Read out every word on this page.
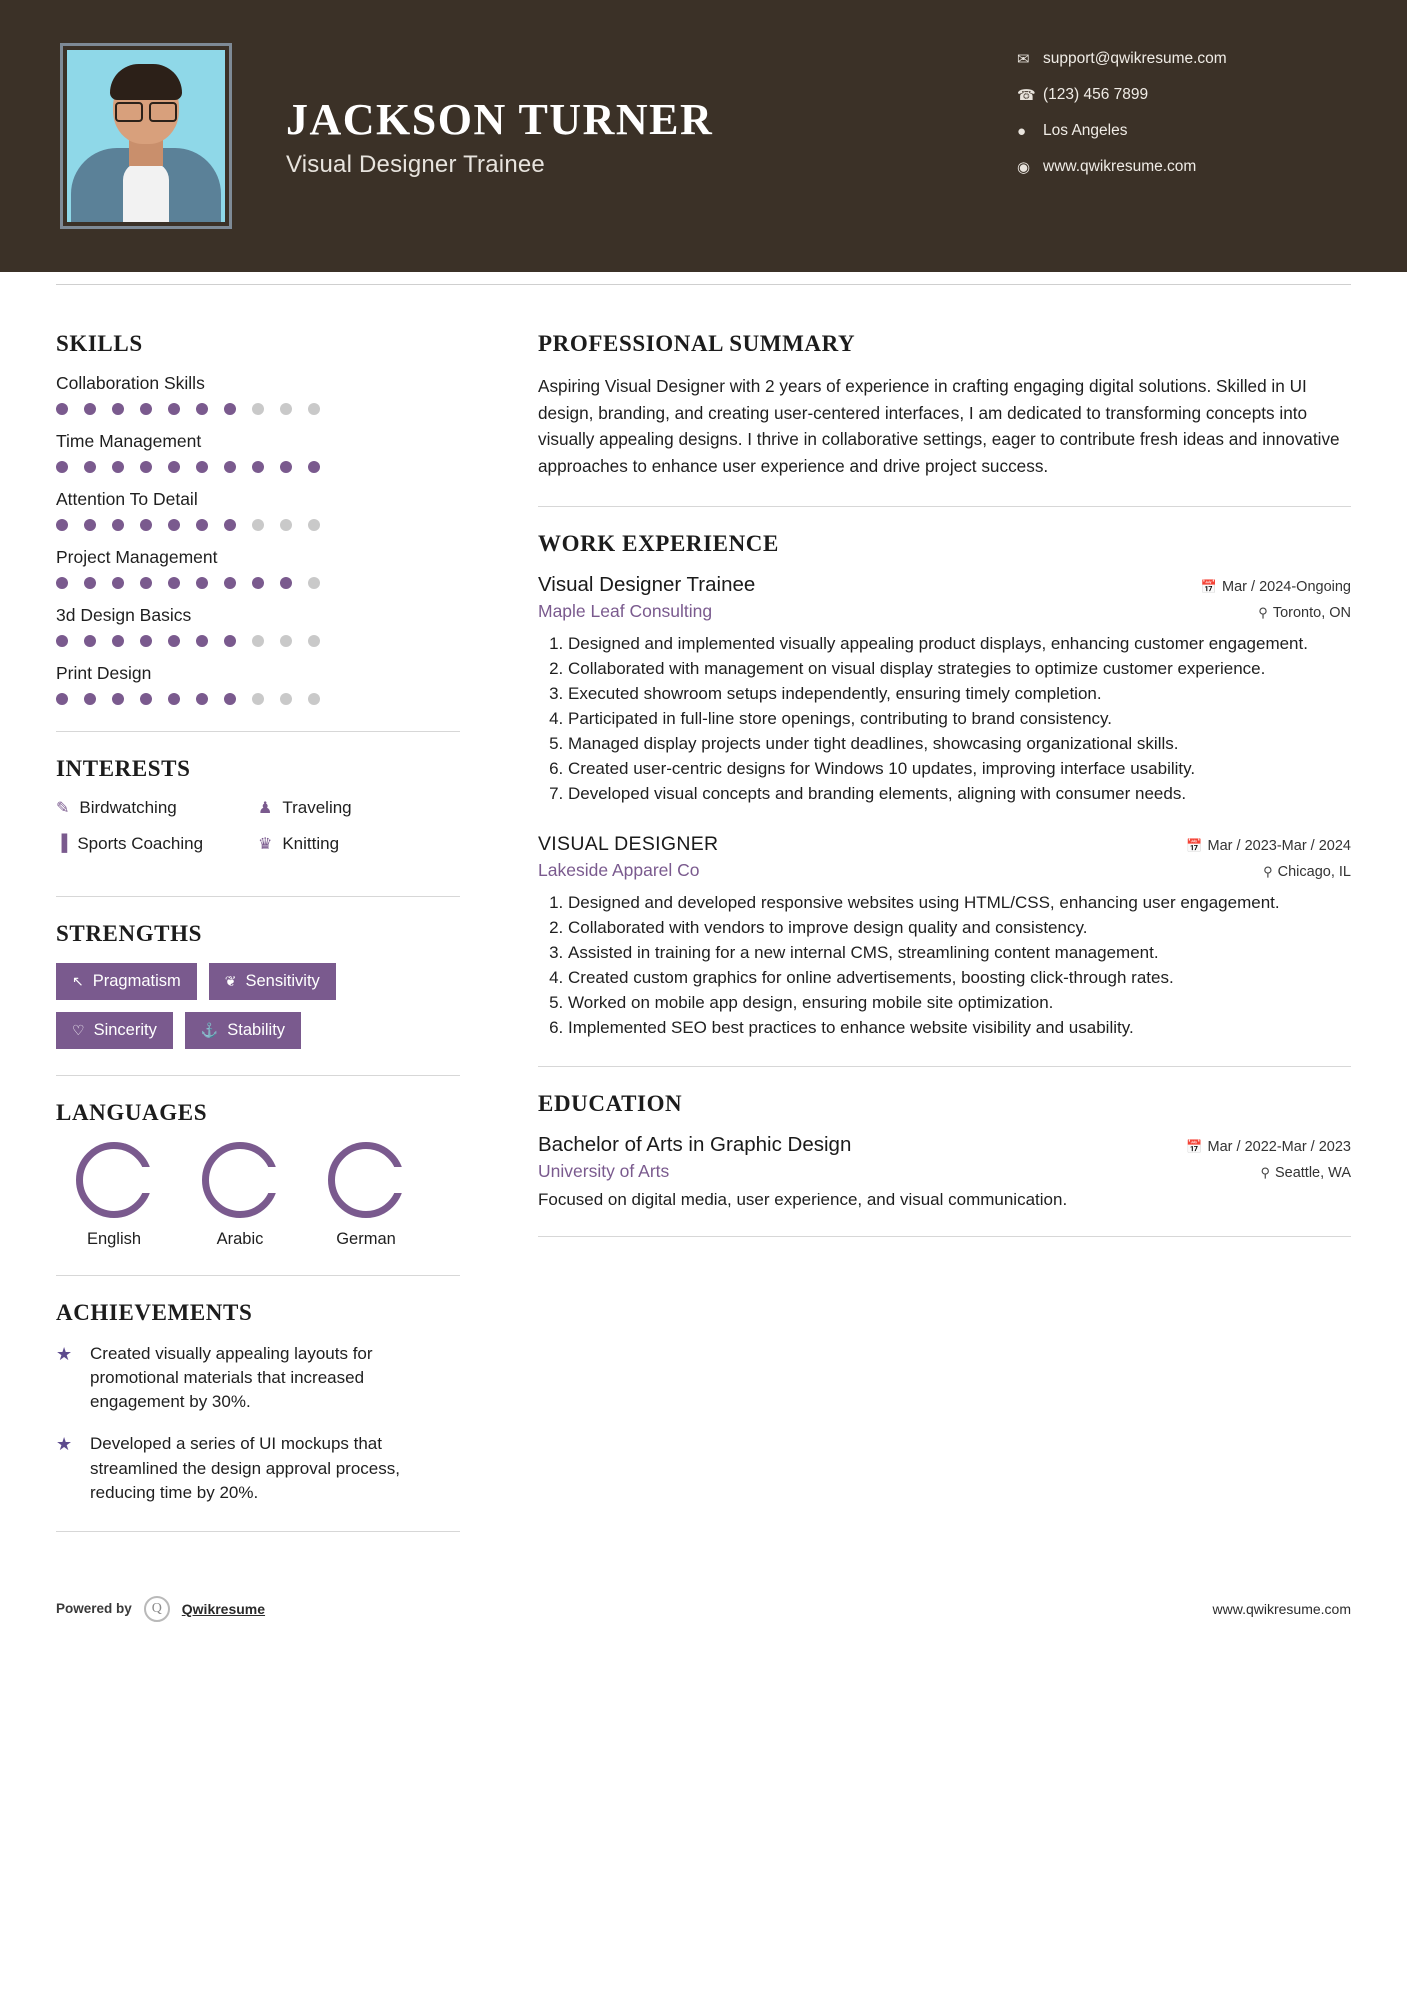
JACKSON TURNER
Visual Designer Trainee
✉ support@qwikresume.com
☎ (123) 456 7899
●	Los Angeles
◉ www.qwikresume.com
SKILLS
Collaboration Skills
Time Management
Attention To Detail
Project Management
3d Design Basics
Print Design
INTERESTS
✎ Birdwatching	♟ Traveling
▐ Sports Coaching	♛ Knitting
STRENGTHS
↖ Pragmatism	❦ Sensitivity
♡ Sincerity	⚓ Stability
LANGUAGES
English	Arabic	German
ACHIEVEMENTS
★	Created visually appealing layouts for promotional materials that increased engagement by 30%.
★	Developed a series of UI mockups that streamlined the design approval process, reducing time by 20%.
PROFESSIONAL SUMMARY
Aspiring Visual Designer with 2 years of experience in crafting engaging digital solutions. Skilled in UI design, branding, and creating user-centered interfaces, I am dedicated to transforming concepts into visually appealing designs. I thrive in collaborative settings, eager to contribute fresh ideas and innovative approaches to enhance user experience and drive project success.
WORK EXPERIENCE
Visual Designer Trainee	📅 Mar / 2024-Ongoing
Maple Leaf Consulting	⚲ Toronto, ON
1. Designed and implemented visually appealing product displays, enhancing customer engagement.
2. Collaborated with management on visual display strategies to optimize customer experience.
3. Executed showroom setups independently, ensuring timely completion.
4. Participated in full-line store openings, contributing to brand consistency.
5. Managed display projects under tight deadlines, showcasing organizational skills.
6. Created user-centric designs for Windows 10 updates, improving interface usability.
7. Developed visual concepts and branding elements, aligning with consumer needs.
VISUAL DESIGNER	📅 Mar / 2023-Mar / 2024
Lakeside Apparel Co	⚲ Chicago, IL
1. Designed and developed responsive websites using HTML/CSS, enhancing user engagement.
2. Collaborated with vendors to improve design quality and consistency.
3. Assisted in training for a new internal CMS, streamlining content management.
4. Created custom graphics for online advertisements, boosting click-through rates.
5. Worked on mobile app design, ensuring mobile site optimization.
6. Implemented SEO best practices to enhance website visibility and usability.
EDUCATION
Bachelor of Arts in Graphic Design	📅 Mar / 2022-Mar / 2023
University of Arts	⚲ Seattle, WA
Focused on digital media, user experience, and visual communication.
Powered by	Q	Qwikresume	www.qwikresume.com
